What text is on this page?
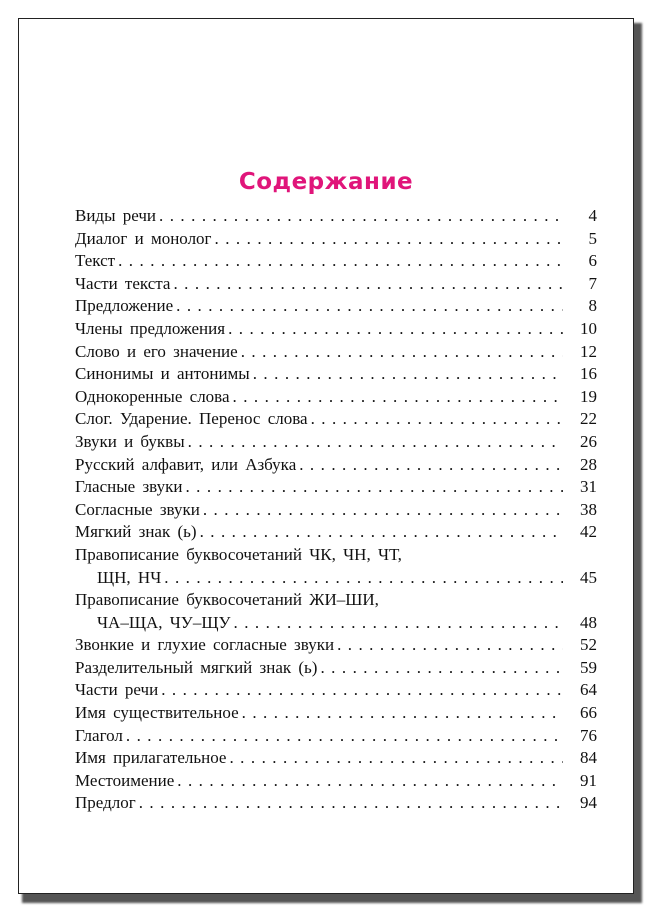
Содержание
Виды речи . . .	4
Диалог и монолог . . .	5
Текст . . .	6
Части текста . . .	7
Предложение . . .	8
Члены предложения . . .	10
Слово и его значение . . .	12
Синонимы и антонимы . . .	16
Однокоренные слова . . .	19
Слог. Ударение. Перенос слова . . .	22
Звуки и буквы . . .	26
Русский алфавит, или Азбука . . .	28
Гласные звуки . . .	31
Согласные звуки . . .	38
Мягкий знак (ь) . . .	42
Правописание буквосочетаний ЧК, ЧН, ЧТ,
ЩН, НЧ . . .	45
Правописание буквосочетаний ЖИ–ШИ,
ЧА–ЩА, ЧУ–ЩУ . . .	48
Звонкие и глухие согласные звуки . . .	52
Разделительный мягкий знак (ь) . . .	59
Части речи . . .	64
Имя существительное . . .	66
Глагол . . .	76
Имя прилагательное . . .	84
Местоимение . . .	91
Предлог . . .	94
